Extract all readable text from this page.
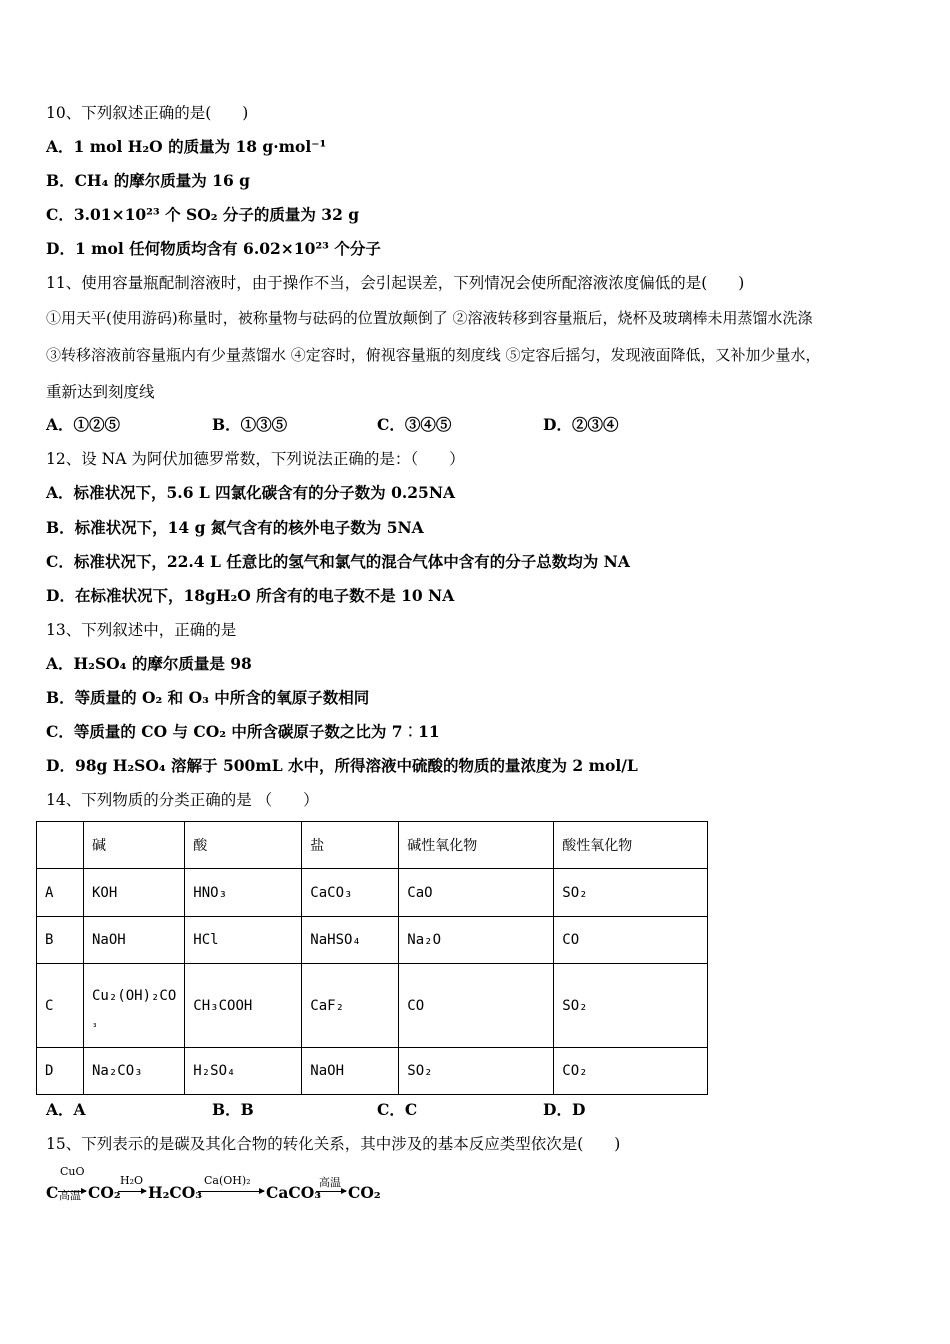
10、下列叙述正确的是(　　)
A．1 mol H₂O 的质量为 18 g·mol⁻¹
B．CH₄ 的摩尔质量为 16 g
C．3.01×10²³ 个 SO₂ 分子的质量为 32 g
D．1 mol 任何物质均含有 6.02×10²³ 个分子
11、使用容量瓶配制溶液时，由于操作不当，会引起误差，下列情况会使所配溶液浓度偏低的是(　　)
①用天平(使用游码)称量时，被称量物与砝码的位置放颠倒了 ②溶液转移到容量瓶后，烧杯及玻璃棒未用蒸馏水洗涤
③转移溶液前容量瓶内有少量蒸馏水 ④定容时，俯视容量瓶的刻度线 ⑤定容后摇匀，发现液面降低，又补加少量水，
重新达到刻度线
A．①②⑤	B．①③⑤	C．③④⑤	D．②③④
12、设 NA 为阿伏加德罗常数，下列说法正确的是：（　　）
A．标准状况下，5.6 L 四氯化碳含有的分子数为 0.25NA
B．标准状况下，14 g 氮气含有的核外电子数为 5NA
C．标准状况下，22.4 L 任意比的氢气和氯气的混合气体中含有的分子总数均为 NA
D．在标准状况下，18gH₂O 所含有的电子数不是 10 NA
13、下列叙述中，正确的是
A．H₂SO₄ 的摩尔质量是 98
B．等质量的 O₂ 和 O₃ 中所含的氧原子数相同
C．等质量的 CO 与 CO₂ 中所含碳原子数之比为 7︰11
D．98g H₂SO₄ 溶解于 500mL 水中，所得溶液中硫酸的物质的量浓度为 2 mol/L
14、下列物质的分类正确的是 （　　）
	碱	酸	盐	碱性氧化物	酸性氧化物
A	KOH	HNO₃	CaCO₃	CaO	SO₂
B	NaOH	HCl	NaHSO₄	Na₂O	CO
C	Cu₂(OH)₂CO
₃	CH₃COOH	CaF₂	CO	SO₂
D	Na₂CO₃	H₂SO₄	NaOH	SO₂	CO₂
A．A	B．B	C．C	D．D
15、下列表示的是碳及其化合物的转化关系，其中涉及的基本反应类型依次是(　　)
C
CuO
高温 CO₂
H₂O
H₂CO₃
Ca(OH)₂
CaCO₃
高温
CO₂
